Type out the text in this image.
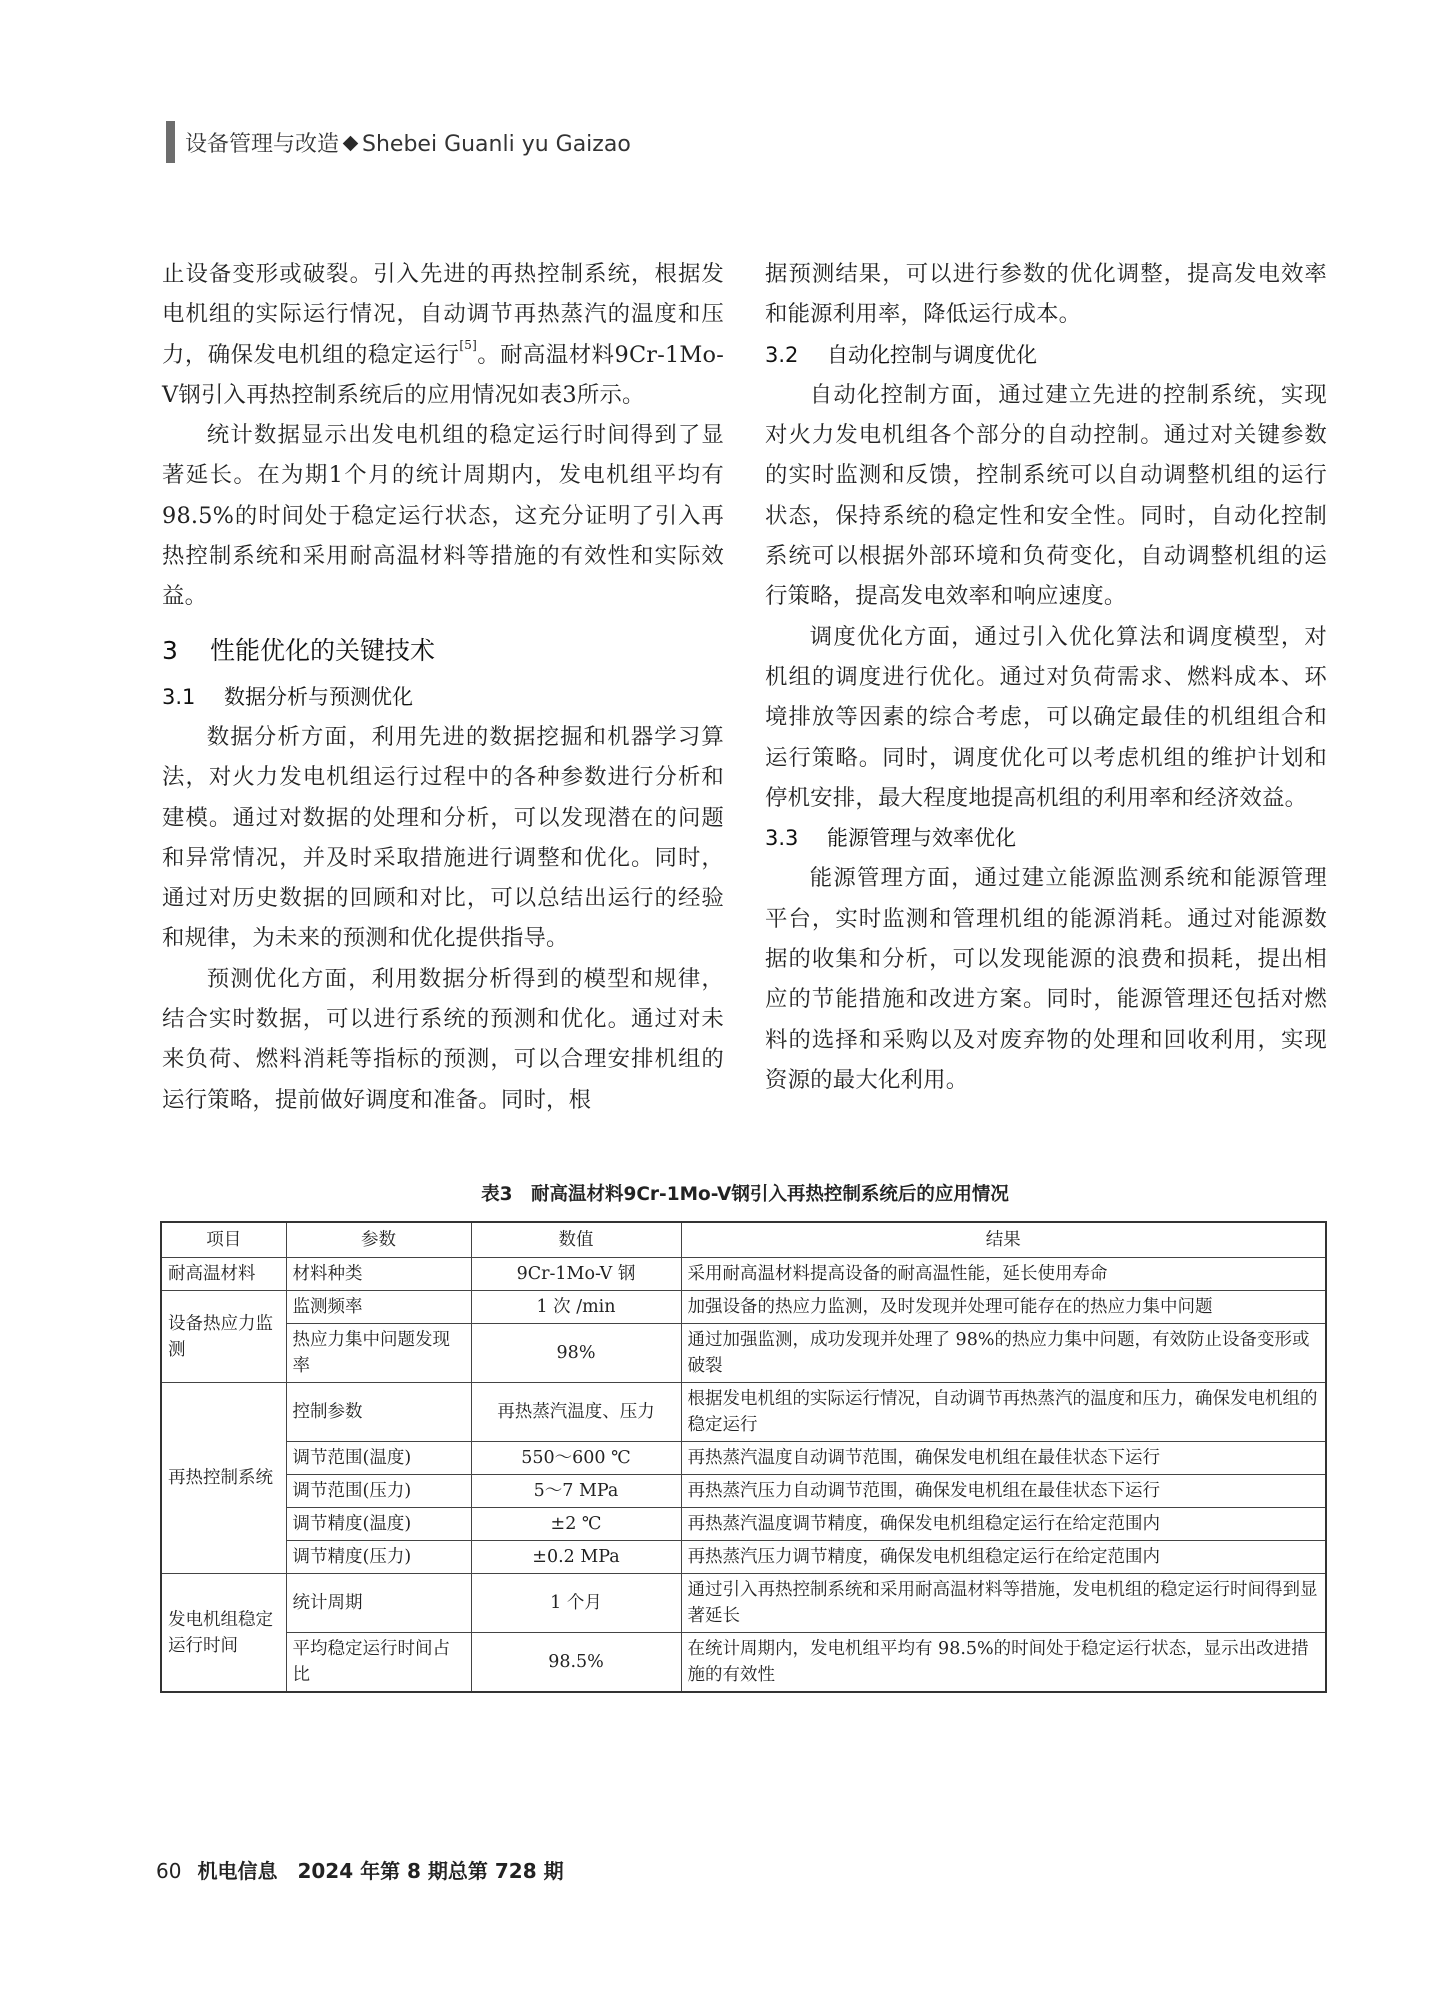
设备管理与改造 Shebei Guanli yu Gaizao

止设备变形或破裂。引入先进的再热控制系统，根据发电机组的实际运行情况，自动调节再热蒸汽的温度和压力，确保发电机组的稳定运行[5]。耐高温材料9Cr-1Mo-V钢引入再热控制系统后的应用情况如表3所示。

统计数据显示出发电机组的稳定运行时间得到了显著延长。在为期1个月的统计周期内，发电机组平均有98.5%的时间处于稳定运行状态，这充分证明了引入再热控制系统和采用耐高温材料等措施的有效性和实际效益。

3 性能优化的关键技术
3.1 数据分析与预测优化

数据分析方面，利用先进的数据挖掘和机器学习算法，对火力发电机组运行过程中的各种参数进行分析和建模。通过对数据的处理和分析，可以发现潜在的问题和异常情况，并及时采取措施进行调整和优化。同时，通过对历史数据的回顾和对比，可以总结出运行的经验和规律，为未来的预测和优化提供指导。

预测优化方面，利用数据分析得到的模型和规律，结合实时数据，可以进行系统的预测和优化。通过对未来负荷、燃料消耗等指标的预测，可以合理安排机组的运行策略，提前做好调度和准备。同时，根

据预测结果，可以进行参数的优化调整，提高发电效率和能源利用率，降低运行成本。

3.2 自动化控制与调度优化

自动化控制方面，通过建立先进的控制系统，实现对火力发电机组各个部分的自动控制。通过对关键参数的实时监测和反馈，控制系统可以自动调整机组的运行状态，保持系统的稳定性和安全性。同时，自动化控制系统可以根据外部环境和负荷变化，自动调整机组的运行策略，提高发电效率和响应速度。

调度优化方面，通过引入优化算法和调度模型，对机组的调度进行优化。通过对负荷需求、燃料成本、环境排放等因素的综合考虑，可以确定最佳的机组组合和运行策略。同时，调度优化可以考虑机组的维护计划和停机安排，最大程度地提高机组的利用率和经济效益。

3.3 能源管理与效率优化

能源管理方面，通过建立能源监测系统和能源管理平台，实时监测和管理机组的能源消耗。通过对能源数据的收集和分析，可以发现能源的浪费和损耗，提出相应的节能措施和改进方案。同时，能源管理还包括对燃料的选择和采购以及对废弃物的处理和回收利用，实现资源的最大化利用。

表3　耐高温材料9Cr-1Mo-V钢引入再热控制系统后的应用情况
项目	参数	数值	结果
耐高温材料	材料种类	9Cr-1Mo-V 钢	采用耐高温材料提高设备的耐高温性能，延长使用寿命
设备热应力监测	监测频率	1 次 /min	加强设备的热应力监测，及时发现并处理可能存在的热应力集中问题
	热应力集中问题发现率	98%	通过加强监测，成功发现并处理了 98%的热应力集中问题，有效防止设备变形或破裂
再热控制系统	控制参数	再热蒸汽温度、压力	根据发电机组的实际运行情况，自动调节再热蒸汽的温度和压力，确保发电机组的稳定运行
	调节范围(温度)	550～600 ℃	再热蒸汽温度自动调节范围，确保发电机组在最佳状态下运行
	调节范围(压力)	5～7 MPa	再热蒸汽压力自动调节范围，确保发电机组在最佳状态下运行
	调节精度(温度)	±2 ℃	再热蒸汽温度调节精度，确保发电机组稳定运行在给定范围内
	调节精度(压力)	±0.2 MPa	再热蒸汽压力调节精度，确保发电机组稳定运行在给定范围内
发电机组稳定运行时间	统计周期	1 个月	通过引入再热控制系统和采用耐高温材料等措施，发电机组的稳定运行时间得到显著延长
	平均稳定运行时间占比	98.5%	在统计周期内，发电机组平均有 98.5%的时间处于稳定运行状态，显示出改进措施的有效性
60 机电信息　2024 年第 8 期总第 728 期
